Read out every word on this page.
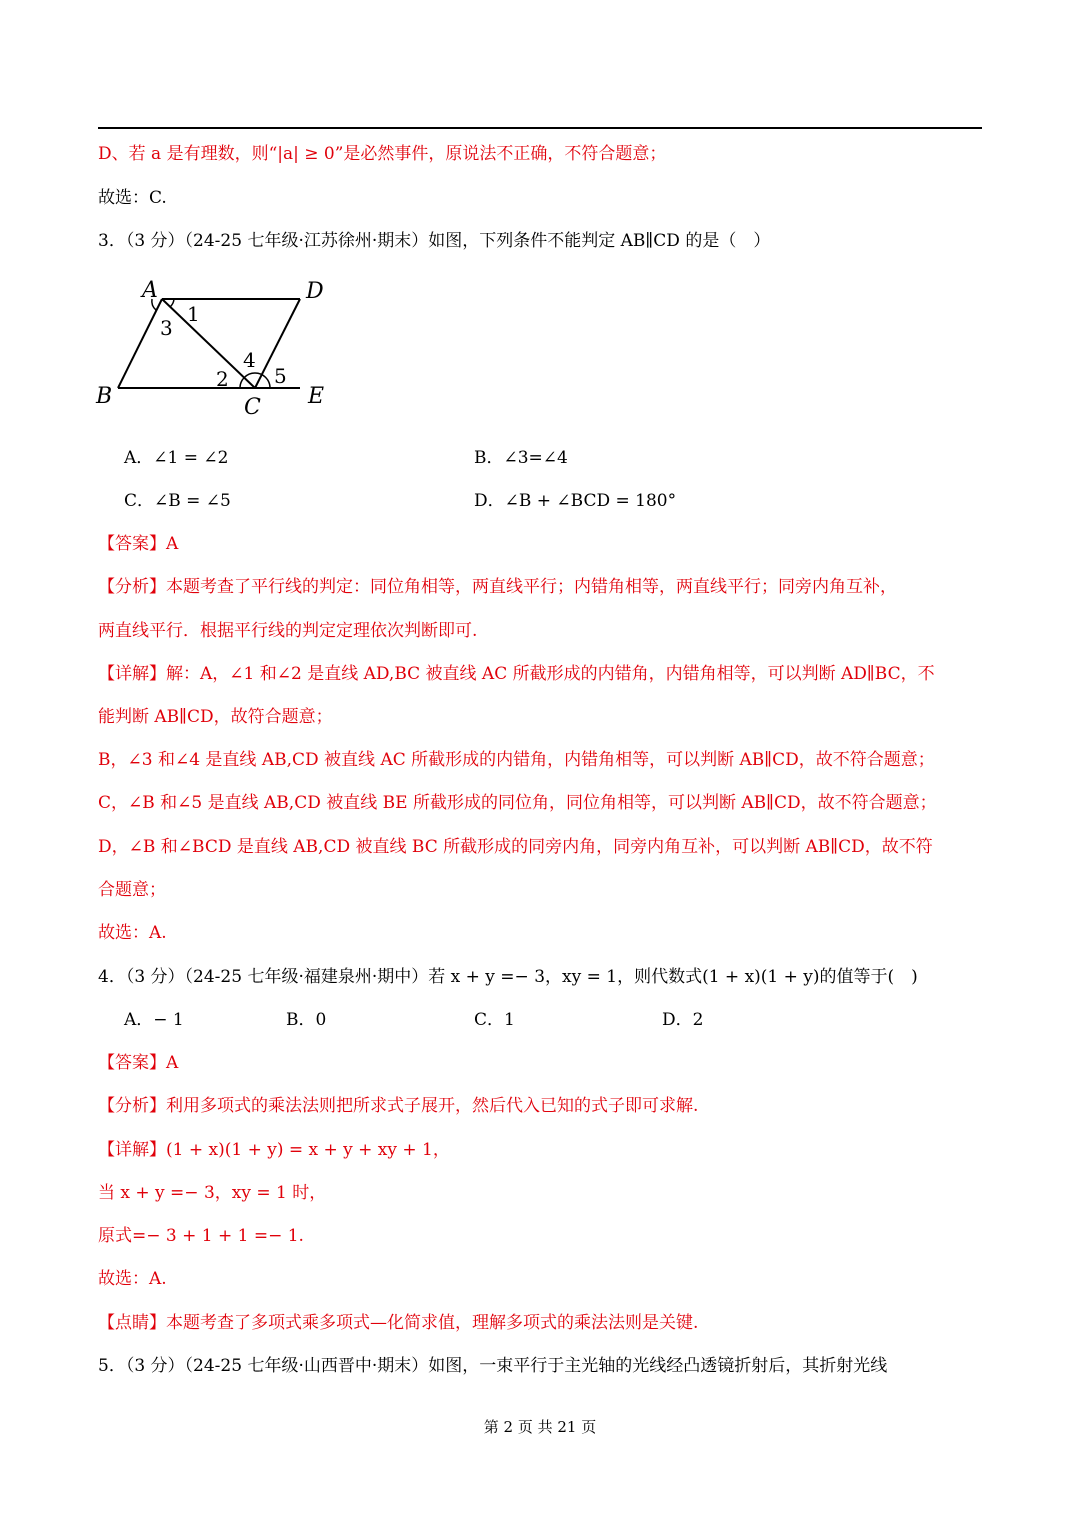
D、若 a 是有理数，则“|a| ≥ 0”是必然事件，原说法不正确，不符合题意；
故选：C.
3．（3 分）（24-25 七年级·江苏徐州·期末）如图，下列条件不能判定 AB∥CD 的是（　）
A	D
B	C E
1
3
4
2 5
A．∠1 = ∠2	B．∠3=∠4
C．∠B = ∠5	D．∠B + ∠BCD = 180°
【答案】A
【分析】本题考查了平行线的判定：同位角相等，两直线平行；内错角相等，两直线平行；同旁内角互补，
两直线平行．根据平行线的判定定理依次判断即可.
【详解】解：A，∠1 和∠2 是直线 AD,BC 被直线 AC 所截形成的内错角，内错角相等，可以判断 AD∥BC，不
能判断 AB∥CD，故符合题意；
B，∠3 和∠4 是直线 AB,CD 被直线 AC 所截形成的内错角，内错角相等，可以判断 AB∥CD，故不符合题意；
C，∠B 和∠5 是直线 AB,CD 被直线 BE 所截形成的同位角，同位角相等，可以判断 AB∥CD，故不符合题意；
D，∠B 和∠BCD 是直线 AB,CD 被直线 BC 所截形成的同旁内角，同旁内角互补，可以判断 AB∥CD，故不符
合题意；
故选：A.
4．（3 分）（24-25 七年级·福建泉州·期中）若 x + y =− 3，xy = 1，则代数式(1 + x)(1 + y)的值等于(　)
A．− 1	B．0	C．1	D．2
【答案】A
【分析】利用多项式的乘法法则把所求式子展开，然后代入已知的式子即可求解.
【详解】(1 + x)(1 + y) = x + y + xy + 1，
当 x + y =− 3，xy = 1 时，
原式=− 3 + 1 + 1 =− 1.
故选：A.
【点睛】本题考查了多项式乘多项式—化简求值，理解多项式的乘法法则是关键.
5．（3 分）（24-25 七年级·山西晋中·期末）如图，一束平行于主光轴的光线经凸透镜折射后，其折射光线
第 2 页 共 21 页
